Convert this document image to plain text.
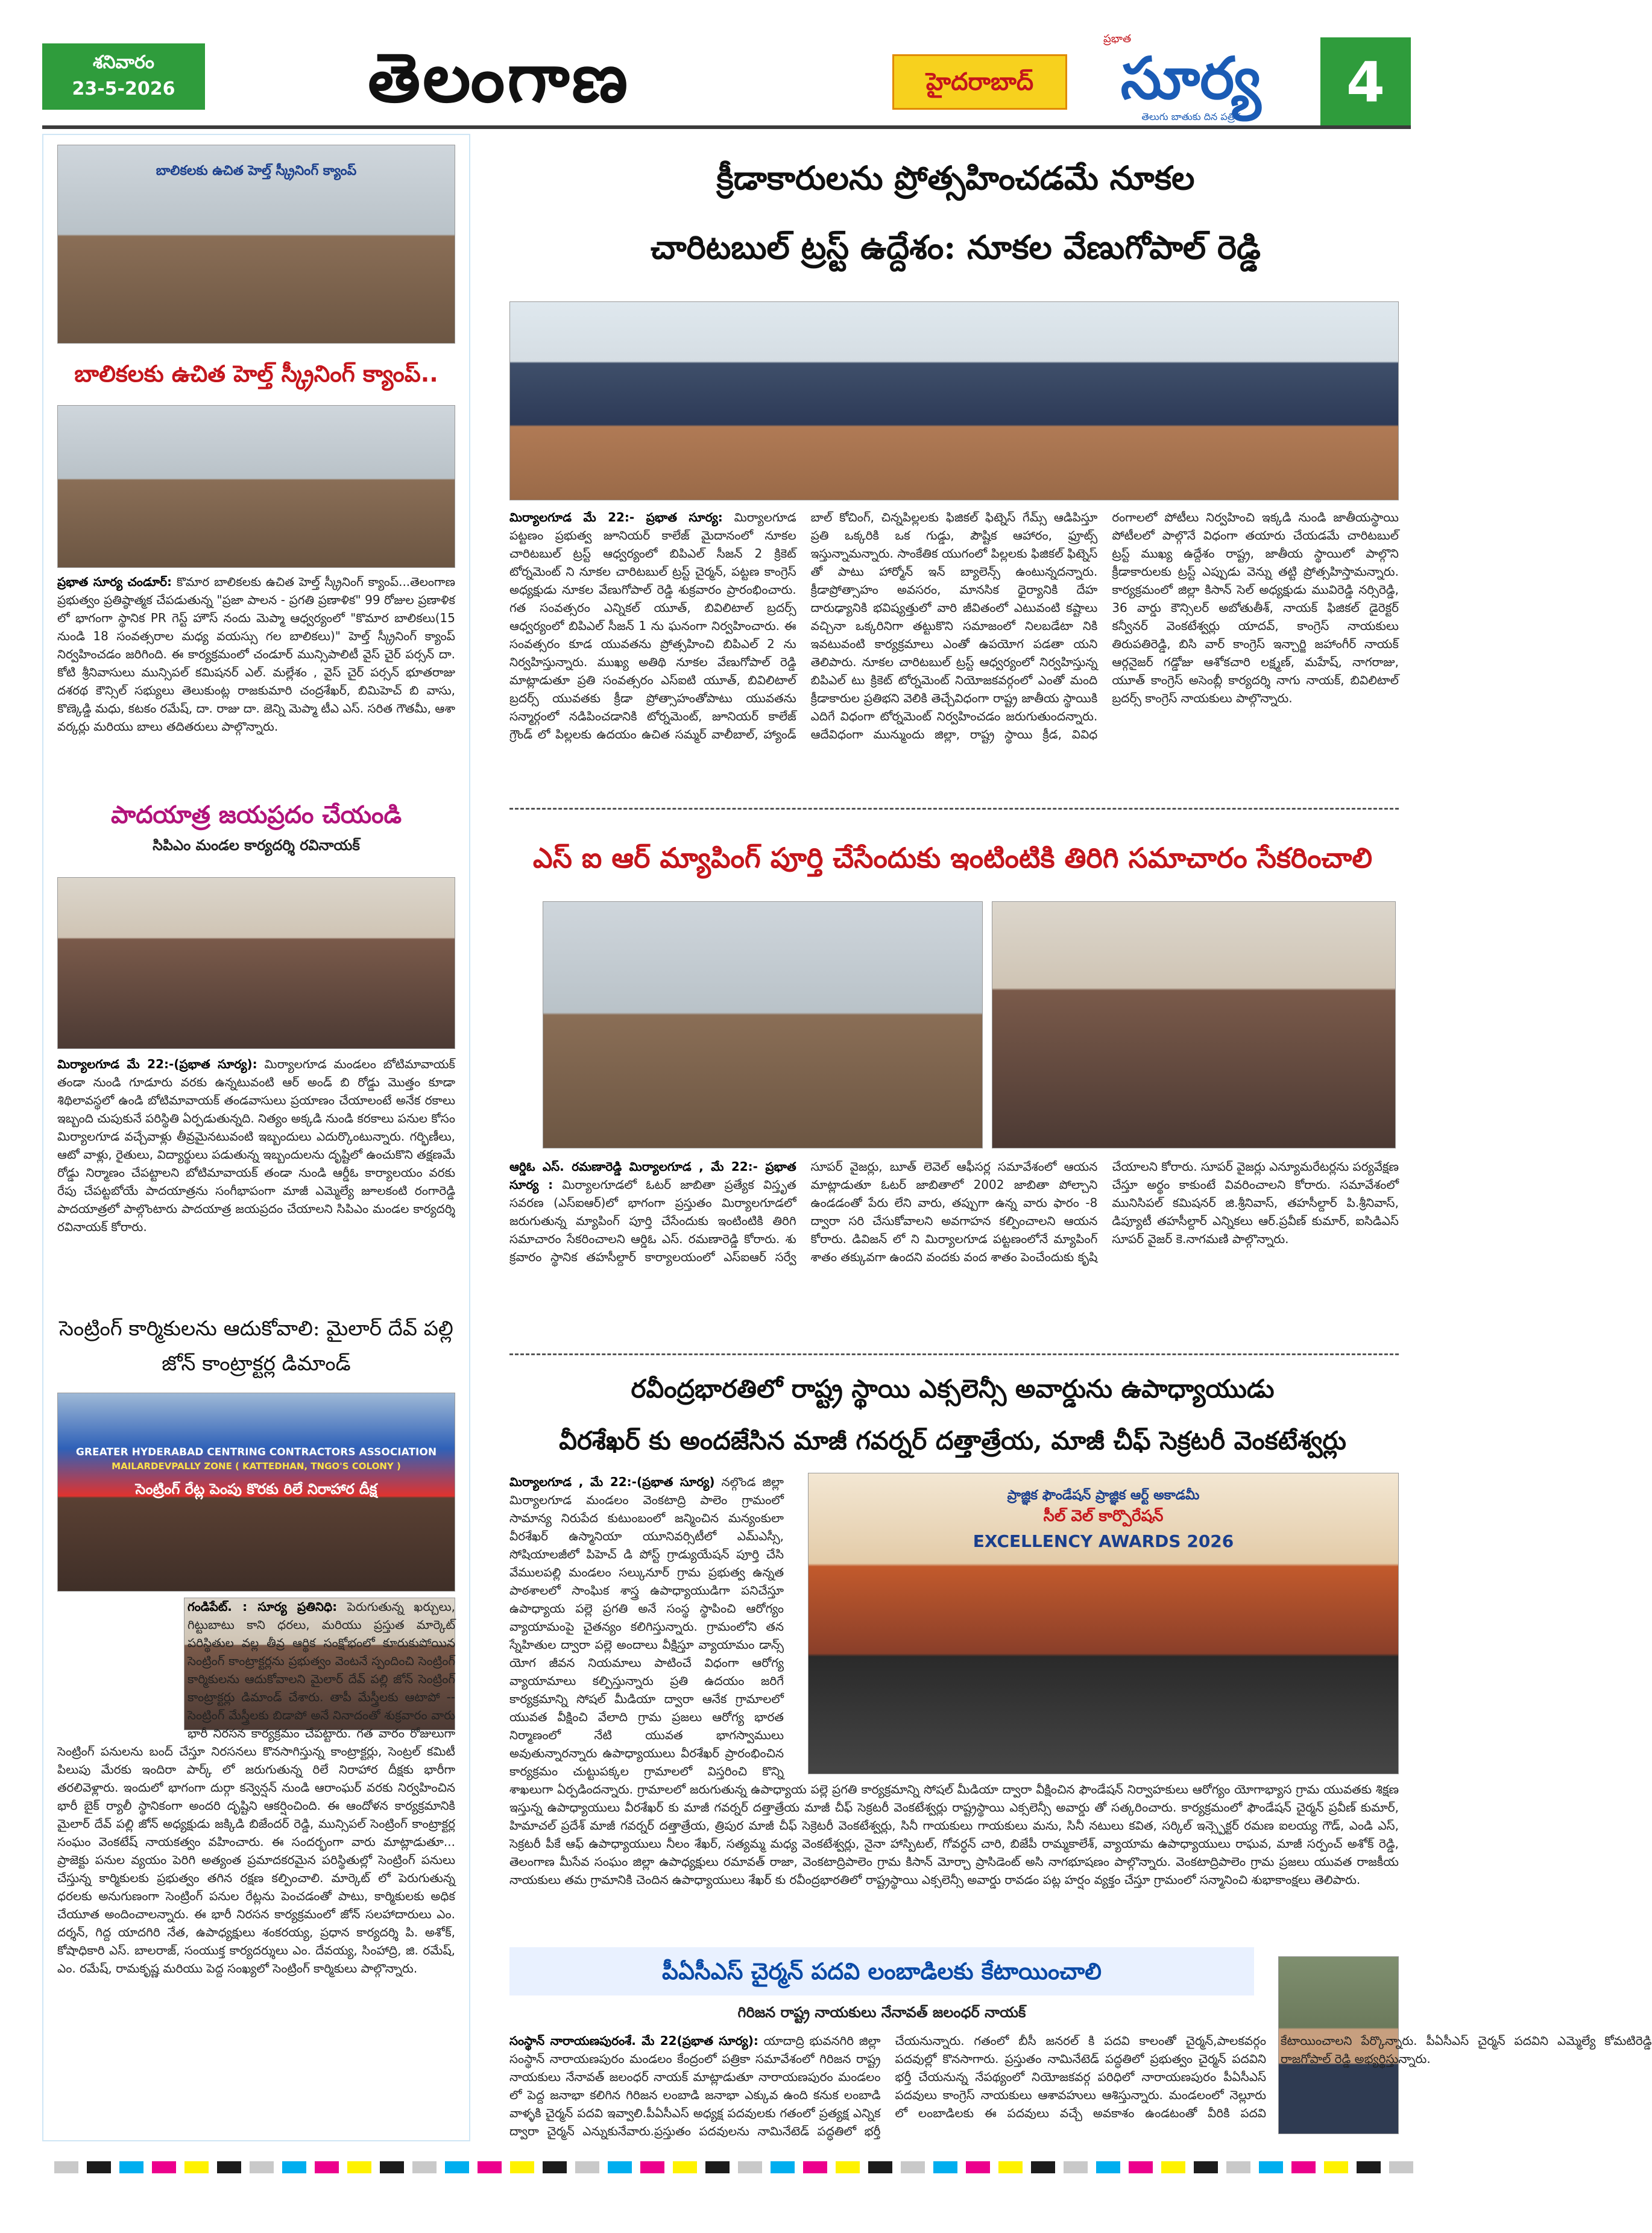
శనివారం
23-5-2026	తెలంగాణ	హైదరాబాద్
ప్రభాత
సూర్య
తెలుగు బాతుకు దిన పత్రిక
4
బాలికలకు ఉచిత హెల్త్ స్క్రీనింగ్ క్యాంప్
బాలికలకు ఉచిత హెల్త్ స్క్రీనింగ్ క్యాంప్..
ప్రభాత సూర్య చండూర్: కొమార బాలికలకు ఉచిత హెల్త్ స్క్రీనింగ్ క్యాంప్...తెలంగాణ ప్రభుత్వం ప్రతిష్ఠాత్మక చేపడుతున్న "ప్రజా పాలన - ప్రగతి ప్రణాళిక" 99 రోజుల ప్రణాళిక లో భాగంగా స్థానిక PR గెస్ట్ హౌస్ నందు మెప్మా ఆధ్వర్యంలో "కొమార బాలికలు(15 నుండి 18 సంవత్సరాల మధ్య వయస్సు గల బాలికలు)" హెల్త్ స్క్రీనింగ్ క్యాంప్ నిర్వహించడం జరిగింది. ఈ కార్యక్రమంలో చండూర్ మున్సిపాలిటీ వైస్ చైర్ పర్సన్ దా. కోటి శ్రీనివాసులు మున్సిపల్ కమిషనర్ ఎల్. మల్లేశం , వైస్ చైర్ పర్సన్ భూతరాజు దశరథ కౌన్సిల్ సభ్యులు తెలుకుంట్ల రాజకుమారి చంద్రశేఖర్, బిమిహెచ్ బి వాసు, కొణ్కెడ్డి మధు, కటకం రమేష్, దా. రాజు దా. జెన్ని మెప్మా టీఎ ఎస్. సరిత గౌతమీ, ఆశా వర్కర్లు మరియు బాలు తదితరులు పాల్గొన్నారు.
పాదయాత్ర జయప్రదం చేయండి
సిపిఎం మండల కార్యదర్శి రవినాయక్
మిర్యాలగూడ మే 22:-(ప్రభాత సూర్య): మిర్యాలగూడ మండలం బోటిమావాయక్ తండా నుండి గూడూరు వరకు ఉన్నటువంటి ఆర్ అండ్ బి రోడ్డు మొత్తం కూడా శిథిలావస్థలో ఉండి బోటిమావాయక్ తండవాసులు ప్రయాణం చేయాలంటే అనేక రకాలు ఇబ్బంది చుపుకునే పరిస్థితి ఏర్పడుతున్నది. నిత్యం అక్కడి నుండి కరకాలు పనుల కోసం మిర్యాలగూడ వచ్చేవాళ్లు తీవ్రమైనటువంటి ఇబ్బందులు ఎదుర్కొంటున్నారు. గర్భిణీలు, ఆటో వాళ్లు, రైతులు, విద్యార్థులు పడుతున్న ఇబ్బందులను దృష్టిలో ఉంచుకొని తక్షణమే రోడ్డు నిర్మాణం చేపట్టాలని బోటిమావాయక్ తండా నుండి ఆర్డీఓ కార్యాలయం వరకు రేపు చేపట్టబోయే పాదయాత్రను సంగీభాపంగా మాజీ ఎమ్మెల్యే జూలకంటి రంగారెడ్డి పాదయాత్రలో పాల్గొంటారు పాదయాత్ర జయప్రదం చేయాలని సిపిఎం మండల కార్యదర్శి రవినాయక్ కోరారు.
సెంట్రింగ్ కార్మికులను ఆదుకోవాలి: మైలార్ దేవ్ పల్లి జోన్ కాంట్రాక్టర్ల డిమాండ్
GREATER HYDERABAD CENTRING CONTRACTORS ASSOCIATION
MAILARDEVPALLY ZONE ( KATTEDHAN, TNGO'S COLONY )
సెంట్రింగ్ రేట్ల పెంపు కొరకు రిలే నిరాహార దీక్ష
గండిపేట్. : సూర్య ప్రతినిధి: పెరుగుతున్న ఖర్చులు, గిట్టుబాటు కాని ధరలు, మరియు ప్రస్తుత మార్కెట్ పరిస్థితుల వల్ల తీవ్ర ఆర్థిక సంక్షోభంలో కూరుకుపోయిన సెంట్రింగ్ కాంట్రాక్టర్లను ప్రభుత్వం వెంటనే స్పందించి సెంట్రింగ్ కార్మికులను ఆదుకోవాలని మైలార్ దేవ్ పల్లి జోన్ సెంట్రింగ్ కాంట్రాక్టర్లు డిమాండ్ చేశారు. తాపీ మేస్త్రీలకు ఆటాపో -- సెంట్రింగ్ మేస్త్రీలకు బిడాపో అనే నినాదంతో శుక్రవారం వారు భారీ నిరసన కార్యక్రమం చేపట్టారు. గత వారం రోజులుగా సెంట్రింగ్ పనులను బంద్ చేస్తూ నిరసనలు కొనసాగిస్తున్న కాంట్రాక్టర్లు, సెంట్రల్ కమిటీ పిలుపు మేరకు ఇందిరా పార్క్ లో జరుగుతున్న రిలే నిరాహార దీక్షకు భారీగా తరలివెళ్లారు. ఇందులో భాగంగా దుర్గా కన్వెన్షన్ నుండి ఆరాంఘర్ వరకు నిర్వహించిన భారీ బైక్ ర్యాలీ స్థానికంగా అందరి దృష్టిని ఆకర్షించింది. ఈ ఆందోళన కార్యక్రమానికి మైలార్ దేవ్ పల్లి జోన్ అధ్యక్షుడు జక్కిడి బిజేందర్ రెడ్డి, మున్సిపల్ సెంట్రింగ్ కాంట్రాక్టర్ల సంఘం వెంకటేష్ నాయకత్వం వహించారు. ఈ సందర్భంగా వారు మాట్లాడుతూ... ప్రాజెక్టు పనుల వ్యయం పెరిగి అత్యంత ప్రమాదకరమైన పరిస్థితుల్లో సెంట్రింగ్ పనులు చేస్తున్న కార్మికులకు ప్రభుత్వం తగిన రక్షణ కల్పించాలి. మార్కెట్ లో పెరుగుతున్న ధరలకు అనుగుణంగా సెంట్రింగ్ పనుల రేట్లను పెంచడంతో పాటు, కార్మికులకు అధిక చేయూత అందించాలన్నారు. ఈ భారీ నిరసన కార్యక్రమంలో జోన్ సలహాదారులు ఎం. దర్శన్, గిద్ద యాదగిరి నేత, ఉపాధ్యక్షులు శంకరయ్య, ప్రధాన కార్యదర్శి పి. అశోక్, కోషాధికారి ఎస్. బాలరాజ్, సంయుక్త కార్యదర్శులు ఎం. దేవయ్య, సింహాద్రి, జి. రమేష్, ఎం. రమేష్, రామకృష్ణ మరియు పెద్ద సంఖ్యలో సెంట్రింగ్ కార్మికులు పాల్గొన్నారు.
క్రీడాకారులను ప్రోత్సహించడమే నూకల
చారిటబుల్ ట్రస్ట్ ఉద్దేశం: నూకల వేణుగోపాల్ రెడ్డి
మిర్యాలగూడ మే 22:- ప్రభాత సూర్య: మిర్యాలగూడ పట్టణం ప్రభుత్వ జూనియర్ కాలేజ్ మైదానంలో నూకల చారిటబుల్ ట్రస్ట్ ఆధ్వర్యంలో బిపిఎల్ సీజన్ 2 క్రికెట్ టోర్నమెంట్ ని నూకల చారిటబుల్ ట్రస్ట్ చైర్మన్, పట్టణ కాంగ్రెస్ అధ్యక్షుడు నూకల వేణుగోపాల్ రెడ్డి శుక్రవారం ప్రారంభించారు. గత సంవత్సరం ఎన్నికల్ యూత్, బివిలిటాల్ బ్రదర్స్ ఆధ్వర్యంలో బిపిఎల్ సీజన్ 1 ను ఘనంగా నిర్వహించారు. ఈ సంవత్సరం కూడ యువతను ప్రోత్సహించి బిపిఎల్ 2 ను నిర్వహిస్తున్నారు. ముఖ్య అతిథి నూకల వేణుగోపాల్ రెడ్డి మాట్లాడుతూ ప్రతి సంవత్సరం ఎస్ఐటి యూత్, బివిలిటాల్ బ్రదర్స్ యువతకు క్రీడా ప్రోత్సాహంతోపాటు యువతను సన్మార్గంలో నడిపించడానికి టోర్నమెంట్, జూనియర్ కాలేజ్ గ్రౌండ్ లో పిల్లలకు ఉదయం ఉచిత సమ్మర్ వాలీబాల్, హ్యాండ్ బాల్ కోచింగ్, చిన్నపిల్లలకు ఫిజికల్ ఫిట్నెస్ గేమ్స్ ఆడిపిస్తూ ప్రతి ఒక్కరికి ఒక గుడ్డు, పౌష్టిక ఆహారం, ఫ్రూట్స్ ఇస్తున్నామన్నారు. సాంకేతిక యుగంలో పిల్లలకు ఫిజికల్ ఫిట్నెస్ తో పాటు హార్మోన్ ఇన్ బ్యాలెన్స్ ఉంటున్నదన్నారు. క్రీడాప్రోత్సాహం అవసరం, మానసిక ధైర్యానికి దేహ దారుఢ్యానికి భవిష్యత్తులో వారి జీవితంలో ఎటువంటి కష్టాలు వచ్చినా ఒక్కరినిగా తట్టుకొని సమాజంలో నిలబడేటా నికి ఇవటువంటి కార్యక్రమాలు ఎంతో ఉపయోగ పడతా యని తెలిపారు. నూకల చారిటబుల్ ట్రస్ట్ ఆధ్వర్యంలో నిర్వహిస్తున్న బిపిఎల్ టు క్రికెట్ టోర్నమెంట్ నియోజకవర్గంలో ఎంతో మంది క్రీడాకారుల ప్రతిభని వెలికి తెచ్చేవిధంగా రాష్ట్ర జాతీయ స్థాయికి ఎదిగే విధంగా టోర్నమెంట్ నిర్వహించడం జరుగుతుందన్నారు. ఆదేవిధంగా మున్ముందు జిల్లా, రాష్ట్ర స్థాయి క్రీడ, వివిధ రంగాలలో పోటీలు నిర్వహించి ఇక్కడి నుండి జాతీయస్థాయి పోటీలలో పాల్గొనే విధంగా తయారు చేయడమే చారిటబుల్ ట్రస్ట్ ముఖ్య ఉద్దేశం రాష్ట్ర, జాతీయ స్థాయిలో పాల్గొని క్రీడాకారులకు ట్రస్ట్ ఎప్పుడు వెన్ను తట్టి ప్రోత్సహిస్తామన్నారు. కార్యక్రమంలో జిల్లా కిసాన్ సెల్ అధ్యక్షుడు మువిరెడ్డి నర్సిరెడ్డి, 36 వార్డు కౌన్సిలర్ అబోతుతీశ్, నాయక్ ఫిజికల్ డైరెక్టర్ కన్వీనర్ వెంకటేశ్వర్లు యాదవ్, కాంగ్రెస్ నాయకులు తిరుపతిరెడ్డి, బిసి వార్ కాంగ్రెస్ ఇన్చార్జి జహాంగీర్ నాయక్ ఆర్గనైజర్ గడ్డోజు ఆశోకచారి లక్ష్మణ్, మహేష్, నాగరాజు, యూత్ కాంగ్రెస్ అసెంబ్లీ కార్యదర్శి నాగు నాయక్, బివిలిటాల్ బ్రదర్స్ కాంగ్రెస్ నాయకులు పాల్గొన్నారు.
ఎస్ ఐ ఆర్ మ్యాపింగ్ పూర్తి చేసేందుకు ఇంటింటికి తిరిగి సమాచారం సేకరించాలి
ఆర్డిఓ ఎస్. రమణారెడ్డి మిర్యాలగూడ , మే 22:- ప్రభాత సూర్య : మిర్యాలగూడలో ఓటర్ జాబితా ప్రత్యేక విస్తృత సవరణ (ఎస్ఐఆర్)లో భాగంగా ప్రస్తుతం మిర్యాలగూడలో జరుగుతున్న మ్యాపింగ్ పూర్తి చేసేందుకు ఇంటింటికి తిరిగి సమాచారం సేకరించాలని ఆర్డిఓ ఎస్. రమణారెడ్డి కోరారు. శు క్రవారం స్థానిక తహసీల్దార్ కార్యాలయంలో ఎస్ఐఆర్ సర్వే సూపర్ వైజర్లు, బూత్ లెవెల్ ఆఫీసర్ల సమావేశంలో ఆయన మాట్లాడుతూ ఓటర్ జాబితాలో 2002 జాబితా పోల్చాని ఉండడంతో పేరు లేని వారు, తప్పుగా ఉన్న వారు ఫారం -8 ద్వారా సరి చేసుకోవాలని అవగాహన కల్పించాలని ఆయన కోరారు. డివిజన్ లో ని మిర్యాలగూడ పట్టణంలోనే మ్యాపింగ్ శాతం తక్కువగా ఉందని వందకు వంద శాతం పెంచేందుకు కృషి చేయాలని కోరారు. సూపర్ వైజర్లు ఎన్యూమరేటర్లను పర్యవేక్షణ చేస్తూ అర్థం కాకుంటే వివరించాలని కోరారు. సమావేశంలో మునిసిపల్ కమిషనర్ జి.శ్రీనివాస్, తహసీల్దార్ పి.శ్రీనివాస్, డిప్యూటీ తహసీల్దార్ ఎన్నికలు ఆర్.ప్రవీణ్ కుమార్, ఐసిడిఎస్ సూపర్ వైజర్ కె.నాగమణి పాల్గొన్నారు.
రవీంద్రభారతిలో రాష్ట్ర స్థాయి ఎక్సలెన్సీ అవార్డును ఉపాధ్యాయుడు
వీరశేఖర్ కు అందజేసిన మాజీ గవర్నర్ దత్తాత్రేయ, మాజీ చీఫ్ సెక్రటరీ వెంకటేశ్వర్లు
ప్రాజ్ఞిక ఫౌండేషన్ ప్రాజ్ఞిక ఆర్ట్ అకాడమీ
సీల్ వెల్ కార్పొరేషన్
EXCELLENCY AWARDS 2026
మిర్యాలగూడ , మే 22:-(ప్రభాత సూర్య) నల్గొండ జిల్లా మిర్యాలగూడ మండలం వెంకటాద్రి పాలెం గ్రామంలో సామాన్య నిరుపేద కుటుంబంలో జన్మించిన మన్యంకులా వీరశేఖర్ ఉస్మానియా యూనివర్సిటీలో ఎమ్ఎస్సీ, సోషియాలజీలో పిహెచ్ డి పోస్ట్ గ్రాడ్యుయేషన్ పూర్తి చేసి వేములపల్లి మండలం సల్కునూర్ గ్రామ ప్రభుత్వ ఉన్నత పాఠశాలలో సాంఘిక శాస్త్ర ఉపాధ్యాయుడిగా పనిచేస్తూ ఉపాధ్యాయ పల్లె ప్రగతి అనే సంస్థ స్థాపించి ఆరోగ్యం వ్యాయామంపై చైతన్యం కలిగిస్తున్నారు. గ్రామంలోని తన స్నేహితుల ద్వారా పల్లె అందాలు వీక్షిస్తూ వ్యాయామం డాన్స్ యోగ జీవన నియమాలు పాటించే విధంగా ఆరోగ్య వ్యాయామాలు కల్పిస్తున్నారు ప్రతి ఉదయం జరిగే కార్యక్రమాన్ని సోషల్ మీడియా ద్వారా ఆనేక గ్రామాలలో యువత వీక్షించి వేలాది గ్రామ ప్రజలు ఆరోగ్య భారత నిర్మాణంలో నేటి యువత భాగస్వాములు అవుతున్నారన్నారు ఉపాధ్యాయులు వీరశేఖర్ ప్రారంభించిన కార్యక్రమం చుట్టుపక్కల గ్రామాలలో విస్తరించి కొన్ని శాఖలుగా ఏర్పడిందన్నారు. గ్రామాలలో జరుగుతున్న ఉపాధ్యాయ పల్లె ప్రగతి కార్యక్రమాన్ని సోషల్ మీడియా ద్వారా వీక్షించిన ఫౌండేషన్ నిర్వాహకులు ఆరోగ్యం యోగాభ్యాస గ్రామ యువతకు శిక్షణ ఇస్తున్న ఉపాధ్యాయులు వీరశేఖర్ కు మాజీ గవర్నర్ దత్తాత్రేయ మాజీ చీఫ్ సెక్రటరీ వెంకటేశ్వర్లు రాష్ట్రస్థాయి ఎక్సలెన్సీ అవార్డు తో సత్కరించారు. కార్యక్రమంలో ఫౌండేషన్ చైర్మన్ ప్రవీణ్ కుమార్, హిమాచల్ ప్రదేశ్ మాజీ గవర్నర్ దత్తాత్రేయ, త్రిపుర మాజీ చీఫ్ సెక్రెటరీ వెంకటేశ్వర్లు, సినీ గాయకులు గాయకులు మను, సినీ నటులు కవిత, సర్కిల్ ఇన్స్పెక్టర్ రమణ ఐలయ్య గౌడ్, ఎండి ఎస్, సెక్రటరీ పీకే ఆఫ్ ఉపాధ్యాయులు నీలం శేఖర్, సత్యమ్మ మధ్య వెంకటేశ్వర్లు, నైనా హాస్పిటల్, గోవర్ధన్ చారి, బిజేపీ రామ్మకాలేశ్, వ్యాయామ ఉపాధ్యాయులు రాఘవ, మాజీ సర్పంచ్ అశోక్ రెడ్డి, తెలంగాణ మీసేవ సంఘం జిల్లా ఉపాధ్యక్షులు రమావత్ రాజా, వెంకటాద్రిపాలెం గ్రామ కిసాన్ మోర్చా ప్రాసిడెంట్ అసి నాగభూషణం పాల్గొన్నారు. వెంకటాద్రిపాలెం గ్రామ ప్రజలు యువత రాజకీయ నాయకులు తమ గ్రామానికి చెందిన ఉపాధ్యాయులు శేఖర్ కు రవీంద్రభారతిలో రాష్ట్రస్థాయి ఎక్సలెన్సీ అవార్డు రావడం పట్ల హర్షం వ్యక్తం చేస్తూ గ్రామంలో సన్మానించి శుభాకాంక్షలు తెలిపారు.
పీఏసీఎస్ చైర్మన్ పదవి లంబాడిలకు కేటాయించాలి
గిరిజన రాష్ట్ర నాయకులు నేనావత్ జలంధర్ నాయక్
సంస్థాన్ నారాయణపురంశే. మే 22(ప్రభాత సూర్య): యాదాద్రి భువనగిరి జిల్లా సంస్థాన్ నారాయణపురం మండలం కేంద్రంలో పత్రికా సమావేశంలో గిరిజన రాష్ట్ర నాయకులు నేనావత్ జలంధర్ నాయక్ మాట్లాడుతూ నారాయణపురం మండలం లో పెద్ద జనాభా కలిగిన గిరిజన లంబాడి జనాభా ఎక్కువ ఉంది కనుక లంబాడి వాళ్ళకి చైర్మన్ పదవి ఇవ్వాలి.పీఏసీఎస్ అధ్యక్ష పదవులకు గతంలో ప్రత్యక్ష ఎన్నిక ద్వారా చైర్మన్ ఎన్నుకునేవారు.ప్రస్తుతం పదవులను నామినేటెడ్ పద్ధతిలో భర్తీ చేయనున్నారు. గతంలో బీసీ జనరల్ కి పదవి కాలంతో చైర్మన్,పాలకవర్గం పదవుల్లో కొనసాగారు. ప్రస్తుతం నామినేటెడ్ పద్ధతిలో ప్రభుత్వం చైర్మన్ పదవిని భర్తీ చేయనున్న నేపథ్యంలో నియోజకవర్గ పరిధిలో నారాయణపురం పీఏసీఎస్ పదవులు కాంగ్రెస్ నాయకులు ఆశావహులు ఆశిస్తున్నారు. మండలంలో నెల్లూరు లో లంబాడిలకు ఈ పదవులు వచ్చే అవకాశం ఉండటంతో వీరికి పదవి కేటాయించాలని పేర్కొన్నారు. పీఏసీఎస్ చైర్మన్ పదవిని ఎమ్మెల్యే కోమటిరెడ్డి రాజగోపాల్ రెడ్డి అభ్యర్థిస్తున్నారు.
